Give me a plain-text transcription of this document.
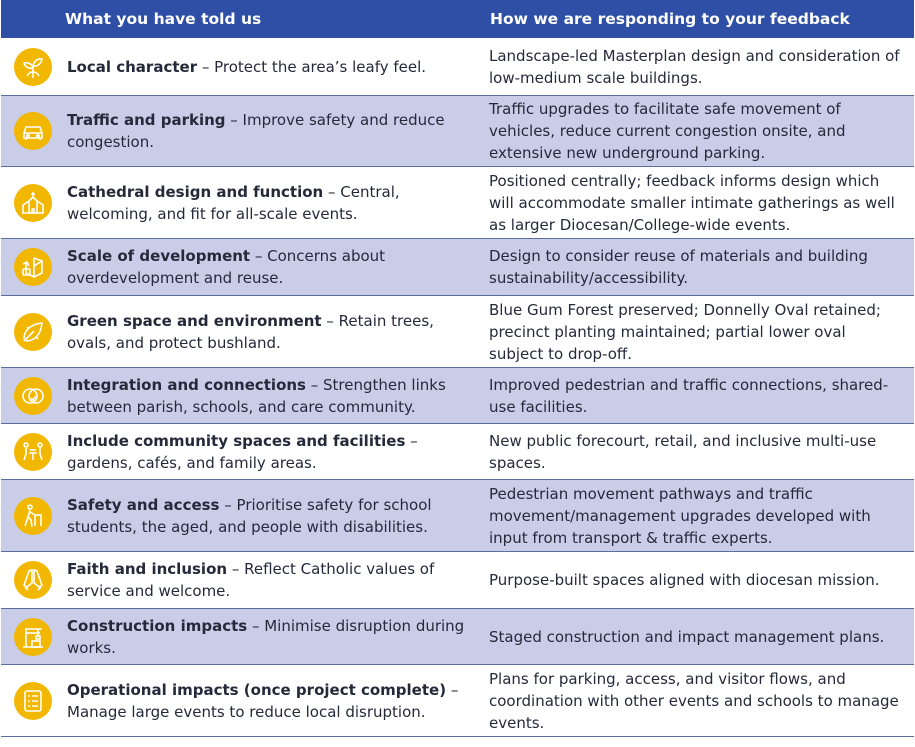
What you have told us	How we are responding to your feedback
Local character – Protect the area’s leafy feel.
Landscape-led Masterplan design and consideration of low-medium scale buildings.
Traffic and parking – Improve safety and reduce congestion.
Traffic upgrades to facilitate safe movement of vehicles, reduce current congestion onsite, and extensive new underground parking.
Cathedral design and function – Central, welcoming, and fit for all-scale events.
Positioned centrally; feedback informs design which will accommodate smaller intimate gatherings as well as larger Diocesan/College-wide events.
Scale of development – Concerns about overdevelopment and reuse.
Design to consider reuse of materials and building sustainability/accessibility.
Green space and environment – Retain trees, ovals, and protect bushland.
Blue Gum Forest preserved; Donnelly Oval retained; precinct planting maintained; partial lower oval subject to drop-off.
Integration and connections – Strengthen links between parish, schools, and care community.
Improved pedestrian and traffic connections, shared-use facilities.
Include community spaces and facilities – gardens, cafés, and family areas.
New public forecourt, retail, and inclusive multi-use spaces.
Safety and access – Prioritise safety for school students, the aged, and people with disabilities.
Pedestrian movement pathways and traffic movement/management upgrades developed with input from transport & traffic experts.
Faith and inclusion – Reflect Catholic values of service and welcome.
Purpose-built spaces aligned with diocesan mission.
Construction impacts – Minimise disruption during works.
Staged construction and impact management plans.
Operational impacts (once project complete) – Manage large events to reduce local disruption.
Plans for parking, access, and visitor flows, and coordination with other events and schools to manage events.
